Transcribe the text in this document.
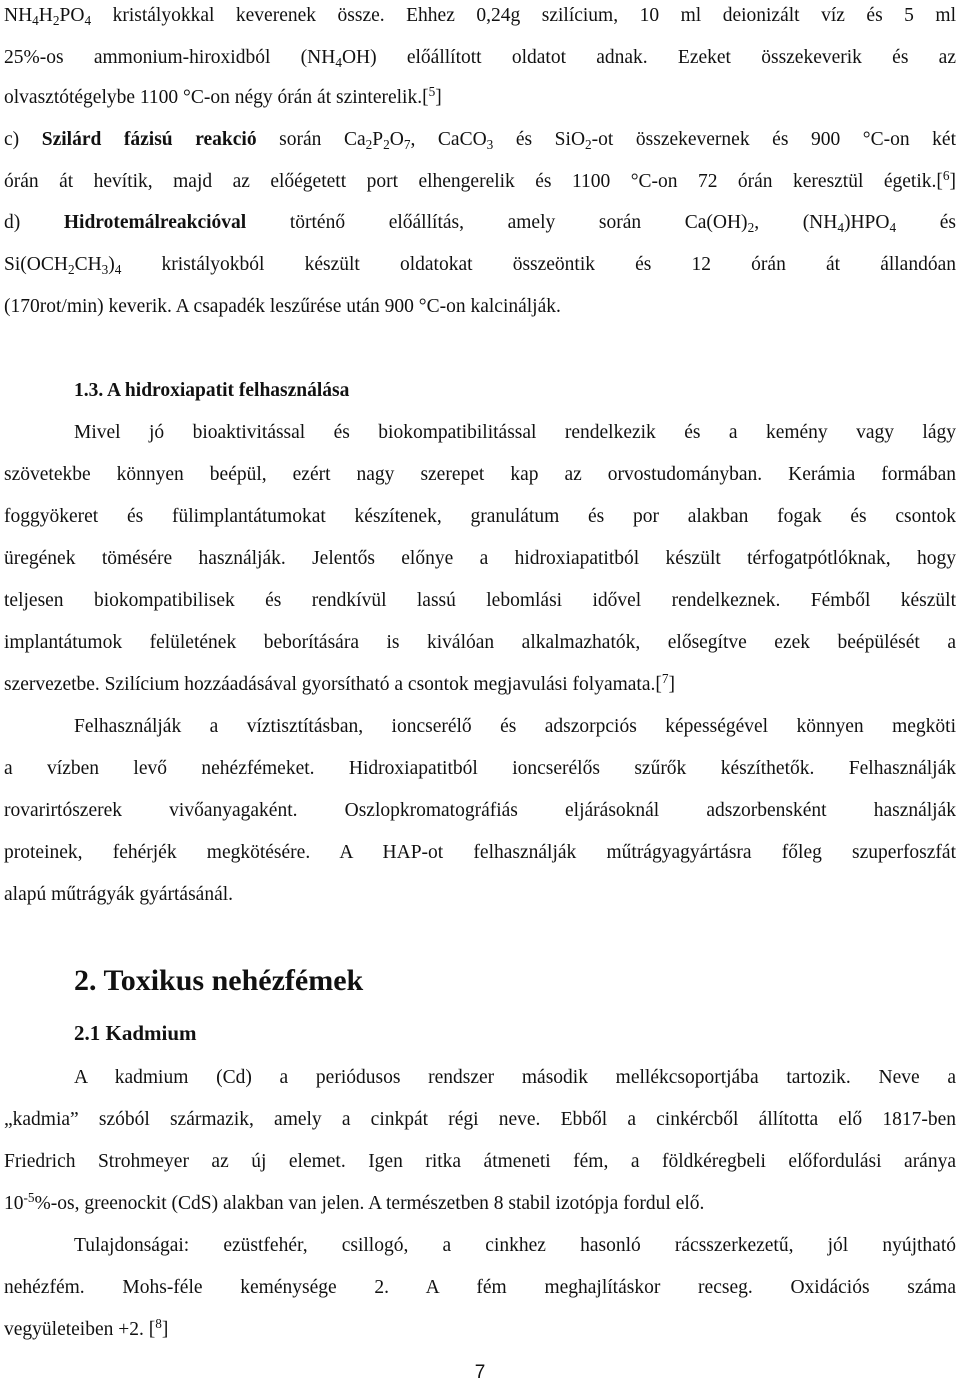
NH4H2PO4 kristályokkal keverenek össze. Ehhez 0,24g szilícium, 10 ml deionizált víz és 5 ml
25%-os ammonium-hiroxidból (NH4OH) előállított oldatot adnak. Ezeket összekeverik és az
olvasztótégelybe 1100 °C-on négy órán át szinterelik.[$^5$]
c) Szilárd fázisú reakció során Ca2P2O7, CaCO3 és SiO2-ot összekevernek és 900 °C-on két
órán át hevítik, majd az előégetett port elhengerelik és 1100 °C-on 72 órán keresztül égetik.[$^6$]
d) Hidrotemálreakcióval történő előállítás, amely során Ca(OH)2, (NH4)HPO4 és
Si(OCH2CH3)4 kristályokból készült oldatokat összeöntik és 12 órán át állandóan
(170rot/min) keverik. A csapadék leszűrése után 900 °C-on kalcinálják.
1.3. A hidroxiapatit felhasználása
Mivel jó bioaktivitással és biokompatibilitással rendelkezik és a kemény vagy lágy
szövetekbe könnyen beépül, ezért nagy szerepet kap az orvostudományban. Kerámia formában
foggyökeret és fülimplantátumokat készítenek, granulátum és por alakban fogak és csontok
üregének tömésére használják. Jelentős előnye a hidroxiapatitból készült térfogatpótlóknak, hogy
teljesen biokompatibilisek és rendkívül lassú lebomlási idővel rendelkeznek. Fémből készült
implantátumok felületének beborítására is kiválóan alkalmazhatók, elősegítve ezek beépülését a
szervezetbe. Szilícium hozzáadásával gyorsítható a csontok megjavulási folyamata.[$^7$]
Felhasználják a víztisztításban, ioncserélő és adszorpciós képességével könnyen megköti
a vízben levő nehézfémeket. Hidroxiapatitból ioncserélős szűrők készíthetők. Felhasználják
rovarirtószerek vivőanyagaként. Oszlopkromatográfiás eljárásoknál adszorbensként használják
proteinek, fehérjék megkötésére. A HAP-ot felhasználják műtrágyagyártásra főleg szuperfoszfát
alapú műtrágyák gyártásánál.
2. Toxikus nehézfémek
2.1 Kadmium
A kadmium (Cd) a periódusos rendszer második mellékcsoportjába tartozik. Neve a
„kadmia” szóból származik, amely a cinkpát régi neve. Ebből a cinkércből állította elő 1817-ben
Friedrich Strohmeyer az új elemet. Igen ritka átmeneti fém, a földkéregbeli előfordulási aránya
$10^{-5}\%-os$, greenockit (CdS) alakban van jelen. A természetben 8 stabil izotópja fordul elő.
Tulajdonságai: ezüstfehér, csillogó, a cinkhez hasonló rácsszerkezetű, jól nyújtható
nehézfém. Mohs-féle keménysége 2. A fém meghajlításkor recseg. Oxidációs száma
vegyületeiben +2. [$^8$]
7
